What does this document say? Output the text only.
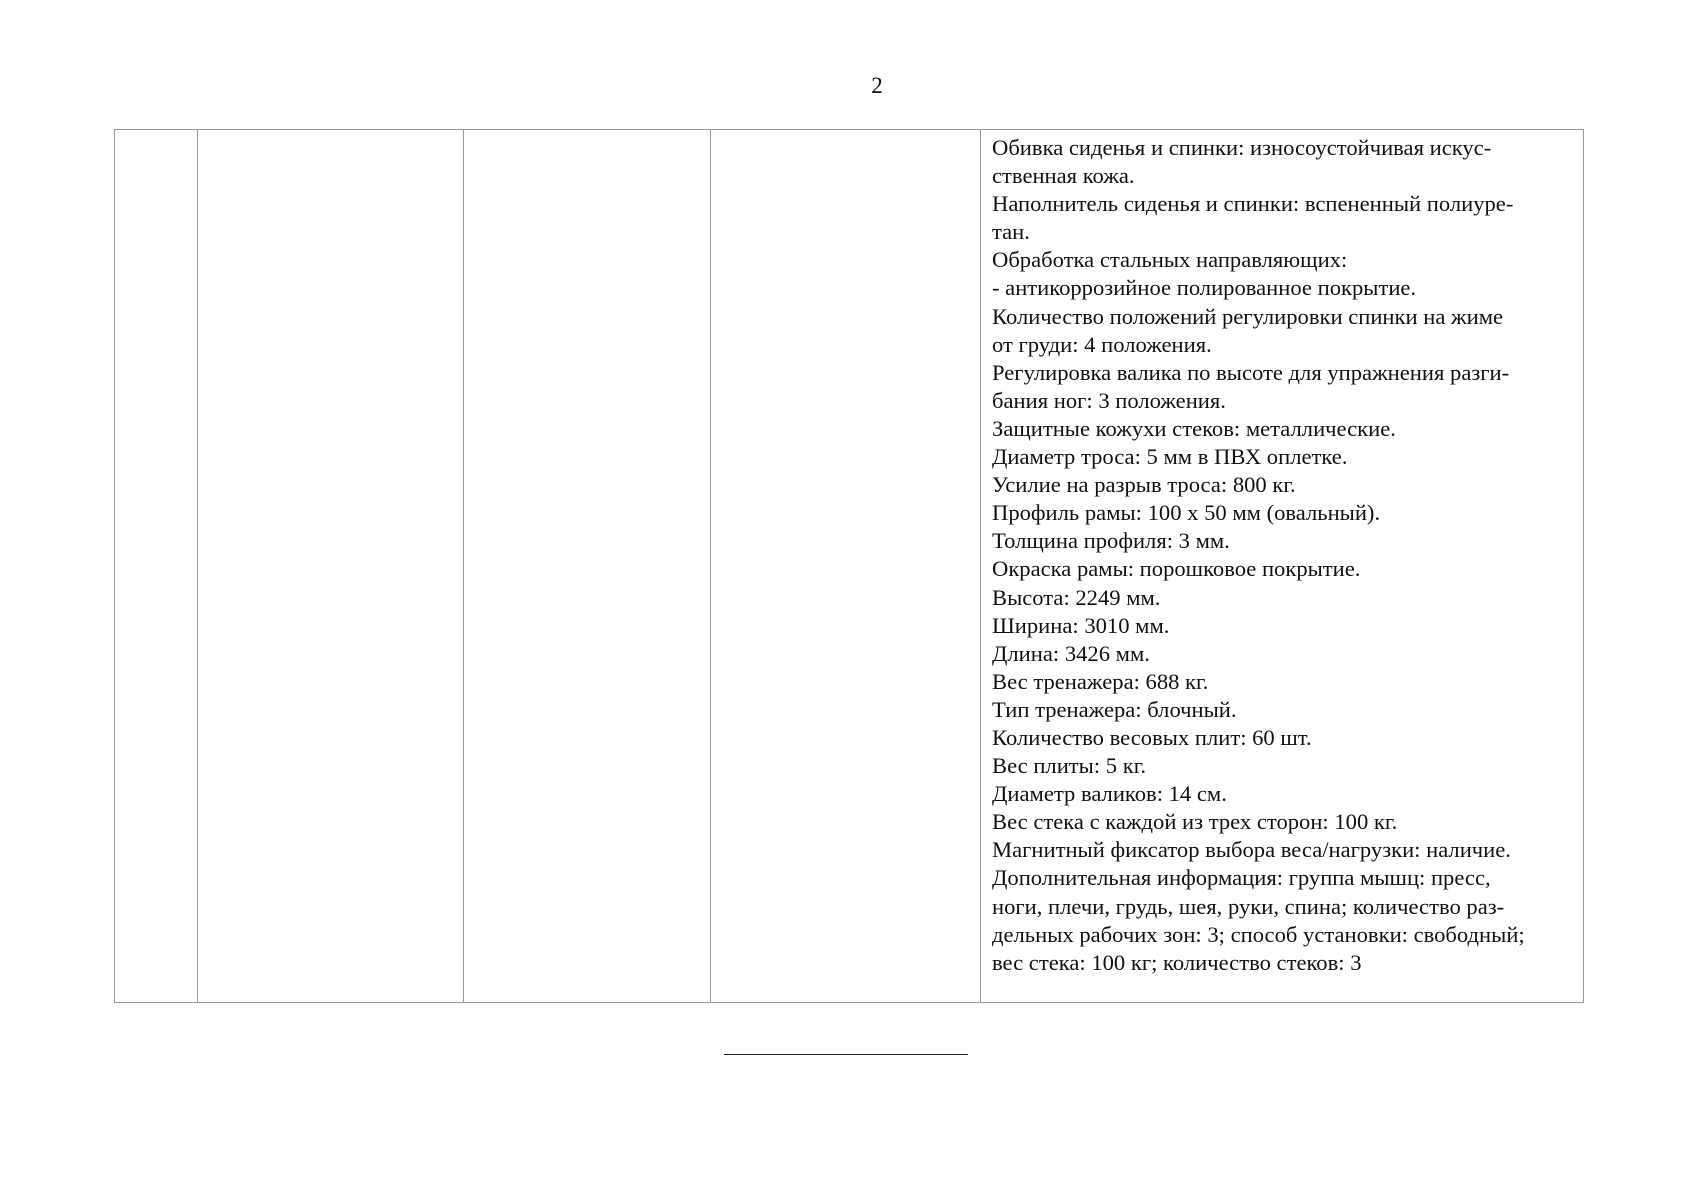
2

Обивка сиденья и спинки: износоустойчивая искус-
ственная кожа.
Наполнитель сиденья и спинки: вспененный полиуре-
тан.
Обработка стальных направляющих:
- антикоррозийное полированное покрытие.
Количество положений регулировки спинки на жиме
от груди: 4 положения.
Регулировка валика по высоте для упражнения разги-
бания ног: 3 положения.
Защитные кожухи стеков: металлические.
Диаметр троса: 5 мм в ПВХ оплетке.
Усилие на разрыв троса: 800 кг.
Профиль рамы: 100 х 50 мм (овальный).
Толщина профиля: 3 мм.
Окраска рамы: порошковое покрытие.
Высота: 2249 мм.
Ширина: 3010 мм.
Длина: 3426 мм.
Вес тренажера: 688 кг.
Тип тренажера: блочный.
Количество весовых плит: 60 шт.
Вес плиты: 5 кг.
Диаметр валиков: 14 см.
Вес стека с каждой из трех сторон: 100 кг.
Магнитный фиксатор выбора веса/нагрузки: наличие.
Дополнительная информация: группа мышц: пресс,
ноги, плечи, грудь, шея, руки, спина; количество раз-
дельных рабочих зон: 3; способ установки: свободный;
вес стека: 100 кг; количество стеков: 3
